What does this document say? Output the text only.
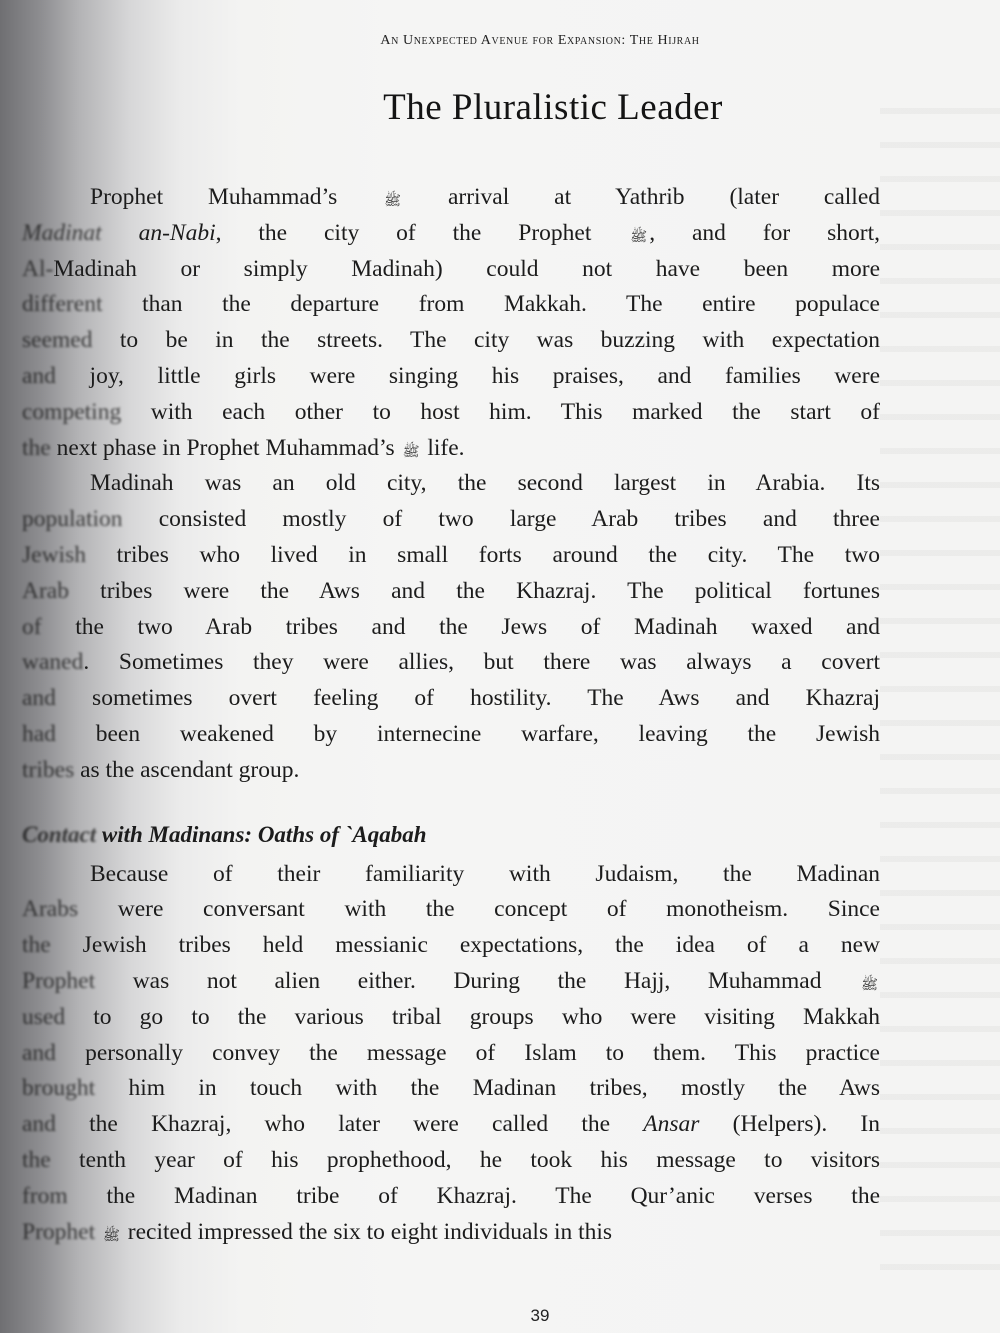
An Unexpected Avenue for Expansion: The Hijrah
The Pluralistic Leader
Prophet Muhammad’s	ﷺ arrival at Yathrib (later called
Madinat an-Nabi, the city of the Prophet	ﷺ, and for short,
Al-Madinah or simply Madinah) could not have been more
different than the departure from Makkah. The entire populace
seemed to be in the streets. The city was buzzing with expectation
and joy, little girls were singing his praises, and families were
competing with each other to host him. This marked the start of
the next phase in Prophet Muhammad’s ﷺ life.
Madinah was an old city, the second largest in Arabia. Its
population consisted mostly of two large Arab tribes and three
Jewish tribes who lived in small forts around the city. The two
Arab tribes were the Aws and the Khazraj. The political fortunes
of the two Arab tribes and the Jews of Madinah waxed and
waned. Sometimes they were allies, but there was always a covert
and sometimes overt feeling of hostility. The Aws and Khazraj
had been weakened by internecine warfare, leaving the Jewish
tribes as the ascendant group.
Contact with Madinans: Oaths of `Aqabah
Because of their familiarity with Judaism, the Madinan
Arabs were conversant with the concept of monotheism. Since
the Jewish tribes held messianic expectations, the idea of a new
Prophet was not alien either. During the Hajj, Muhammad	ﷺ
used to go to the various tribal groups who were visiting Makkah
and personally convey the message of Islam to them. This practice
brought him in touch with the Madinan tribes, mostly the Aws
and the Khazraj, who later were called the Ansar (Helpers). In
the tenth year of his prophethood, he took his message to visitors
from the Madinan tribe of Khazraj. The Qur’anic verses the
Prophet ﷺ recited impressed the six to eight individuals in this
39
